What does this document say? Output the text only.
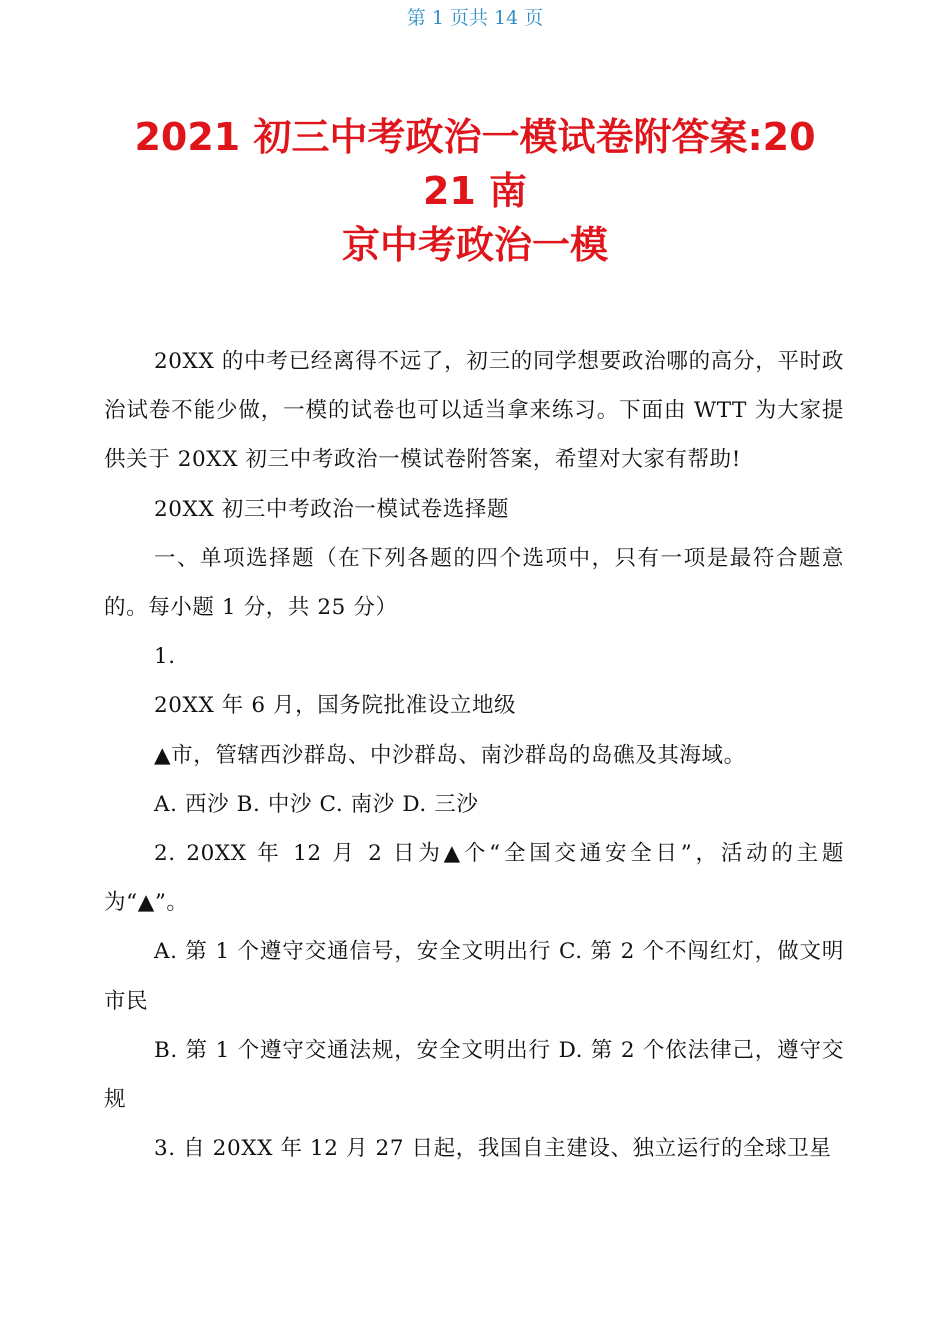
第 1 页共 14 页
2021 初三中考政治一模试卷附答案:20
21 南
京中考政治一模

20XX 的中考已经离得不远了，初三的同学想要政治哪的高分，平时政治试卷不能少做，一模的试卷也可以适当拿来练习。下面由 WTT 为大家提供关于 20XX 初三中考政治一模试卷附答案，希望对大家有帮助!

20XX 初三中考政治一模试卷选择题

一、单项选择题（在下列各题的四个选项中，只有一项是最符合题意的。每小题 1 分，共 25 分）

1.

20XX 年 6 月，国务院批准设立地级

▲市，管辖西沙群岛、中沙群岛、南沙群岛的岛礁及其海域。

A. 西沙 B. 中沙 C. 南沙 D. 三沙

2. 20XX 年 12 月 2 日为▲个“全国交通安全日”，活动的主题为“▲”。

A. 第 1 个遵守交通信号，安全文明出行 C. 第 2 个不闯红灯，做文明市民

B. 第 1 个遵守交通法规，安全文明出行 D. 第 2 个依法律己，遵守交规

3. 自 20XX 年 12 月 27 日起，我国自主建设、独立运行的全球卫星
